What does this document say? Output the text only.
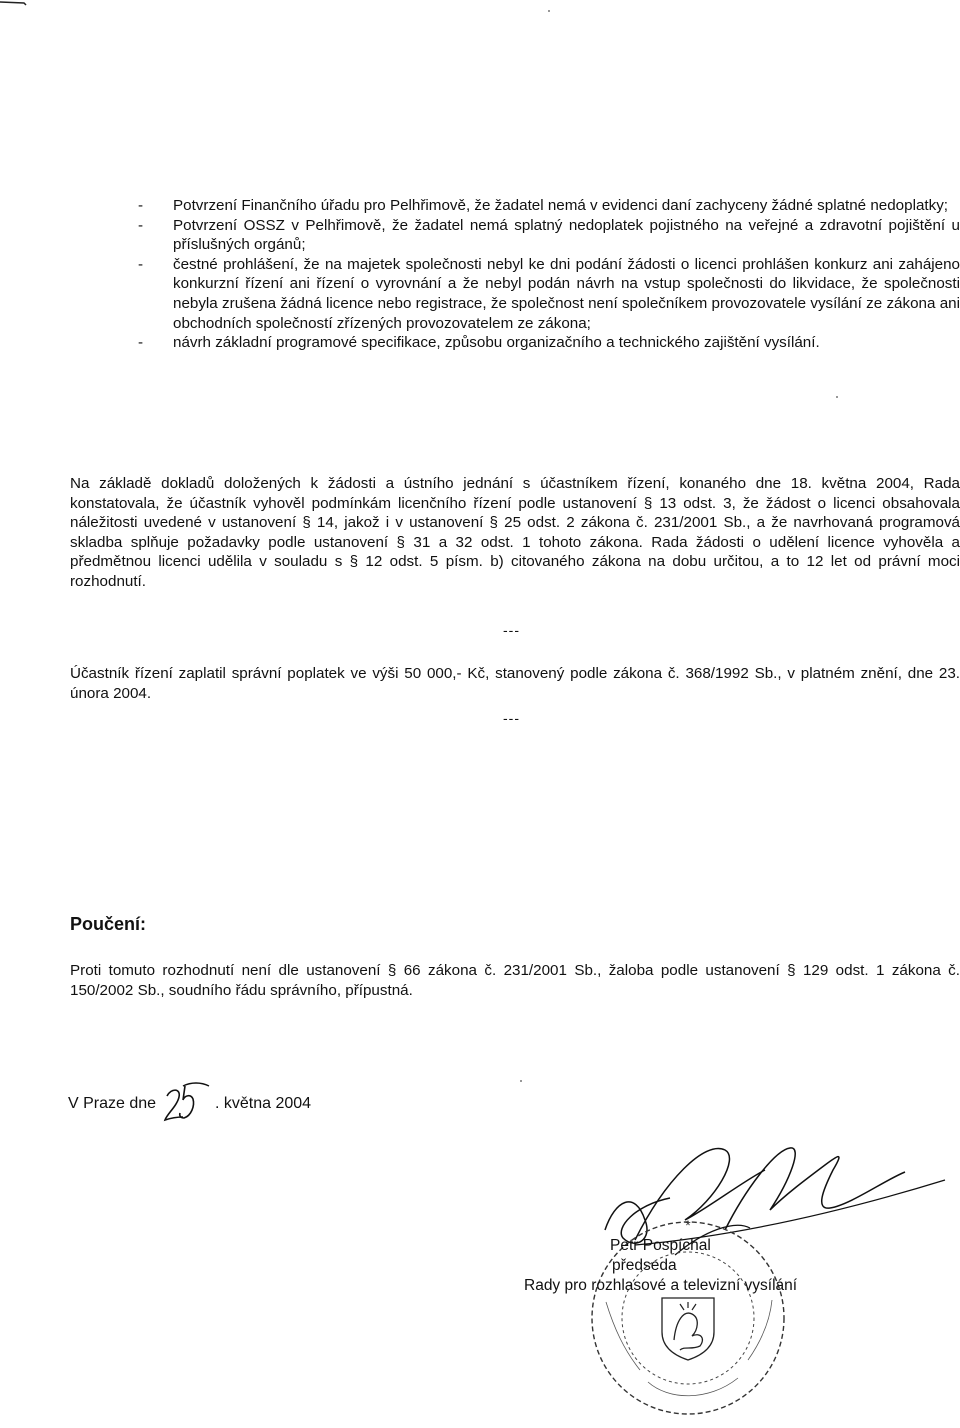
- Potvrzení Finančního úřadu pro Pelhřimově, že žadatel nemá v evidenci daní zachyceny žádné splatné nedoplatky;
- Potvrzení OSSZ v Pelhřimově, že žadatel nemá splatný nedoplatek pojistného na veřejné a zdravotní pojištění u příslušných orgánů;
- čestné prohlášení, že na majetek společnosti nebyl ke dni podání žádosti o licenci prohlášen konkurz ani zahájeno konkurzní řízení ani řízení o vyrovnání a že nebyl podán návrh na vstup společnosti do likvidace, že společnosti nebyla zrušena žádná licence nebo registrace, že společnost není společníkem provozovatele vysílání ze zákona ani obchodních společností zřízených provozovatelem ze zákona;
- návrh základní programové specifikace, způsobu organizačního a technického zajištění vysílání.
Na základě dokladů doložených k žádosti a ústního jednání s účastníkem řízení, konaného dne 18. května 2004, Rada konstatovala, že účastník vyhověl podmínkám licenčního řízení podle ustanovení § 13 odst. 3, že žádost o licenci obsahovala náležitosti uvedené v ustanovení § 14, jakož i v ustanovení § 25 odst. 2 zákona č. 231/2001 Sb., a že navrhovaná programová skladba splňuje požadavky podle ustanovení § 31 a 32 odst. 1 tohoto zákona. Rada žádosti o udělení licence vyhověla a předmětnou licenci udělila v souladu s § 12 odst. 5 písm. b) citovaného zákona na dobu určitou, a to 12 let od právní moci rozhodnutí.
---
Účastník řízení zaplatil správní poplatek ve výši 50 000,- Kč, stanovený podle zákona č. 368/1992 Sb., v platném znění, dne 23. února 2004.
---
Poučení:
Proti tomuto rozhodnutí není dle ustanovení § 66 zákona č. 231/2001 Sb., žaloba podle ustanovení § 129 odst. 1 zákona č. 150/2002 Sb., soudního řádu správního, přípustná.
V Praze dne	. května 2004
*
Petr Pospíchal
předseda
Rady pro rozhlasové a televizní vysílání
